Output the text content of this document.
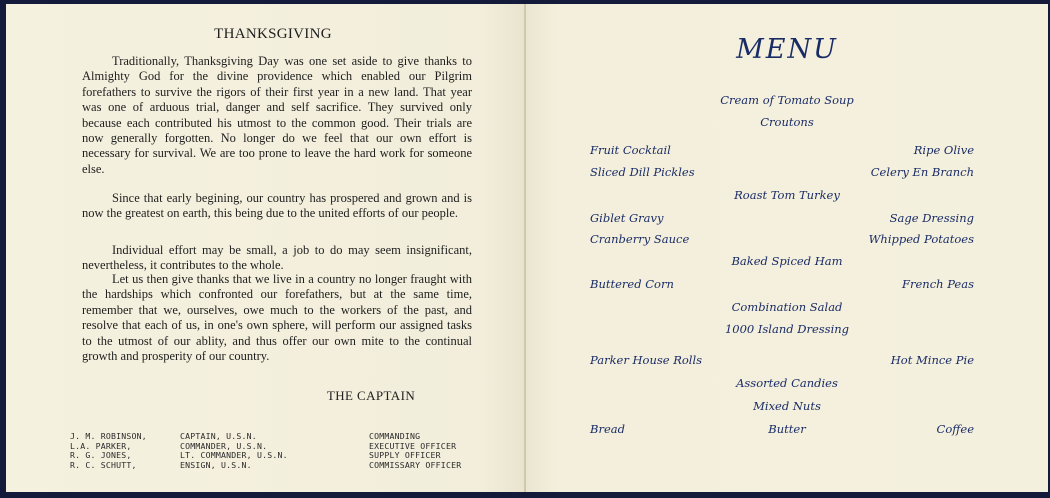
THANKSGIVING

Traditionally, Thanksgiving Day was one set aside to give thanks to Almighty God for the divine providence which enabled our Pilgrim forefathers to survive the rigors of their first year in a new land. That year was one of arduous trial, danger and self sacrifice. They survived only because each contributed his utmost to the common good. Their trials are now generally forgotten. No longer do we feel that our own effort is necessary for survival. We are too prone to leave the hard work for someone else.

Since that early begining, our country has prospered and grown and is now the greatest on earth, this being due to the united efforts of our people.

Individual effort may be small, a job to do may seem insignificant, nevertheless, it contributes to the whole.

Let us then give thanks that we live in a country no longer fraught with the hardships which confronted our forefathers, but at the same time, remember that we, ourselves, owe much to the workers of the past, and resolve that each of us, in one's own sphere, will perform our assigned tasks to the utmost of our ablity, and thus offer our own mite to the continual growth and prosperity of our country.

THE CAPTAIN
J. M. ROBINSON,	CAPTAIN, U.S.N.	COMMANDING
L.A. PARKER,	COMMANDER, U.S.N.	EXECUTIVE OFFICER
R. G. JONES,	LT. COMMANDER, U.S.N.	SUPPLY OFFICER
R. C. SCHUTT,	ENSIGN, U.S.N.	COMMISSARY OFFICER
MENU
Cream of Tomato Soup
Croutons
Fruit Cocktail	Ripe Olive
Sliced Dill Pickles	Celery En Branch
Roast Tom Turkey
Giblet Gravy	Sage Dressing
Cranberry Sauce	Whipped Potatoes
Baked Spiced Ham
Buttered Corn	French Peas
Combination Salad
1000 Island Dressing
Parker House Rolls	Hot Mince Pie
Assorted Candies
Mixed Nuts
Bread	Butter	Coffee
